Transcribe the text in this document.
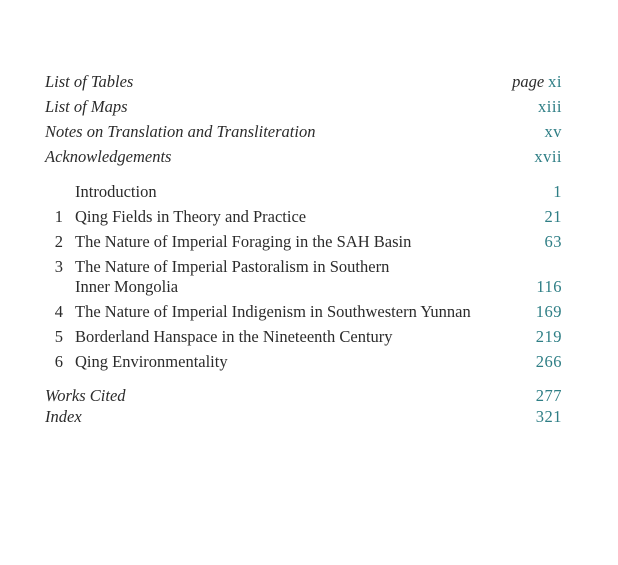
List of Tables	page xi
List of Maps	xiii
Notes on Translation and Transliteration	xv
Acknowledgements	xvii
Introduction	1
1 Qing Fields in Theory and Practice	21
2 The Nature of Imperial Foraging in the SAH Basin	63
3 The Nature of Imperial Pastoralism in Southern
Inner Mongolia	116
4 The Nature of Imperial Indigenism in Southwestern Yunnan	169
5 Borderland Hanspace in the Nineteenth Century	219
6 Qing Environmentality	266
Works Cited	277
Index	321
